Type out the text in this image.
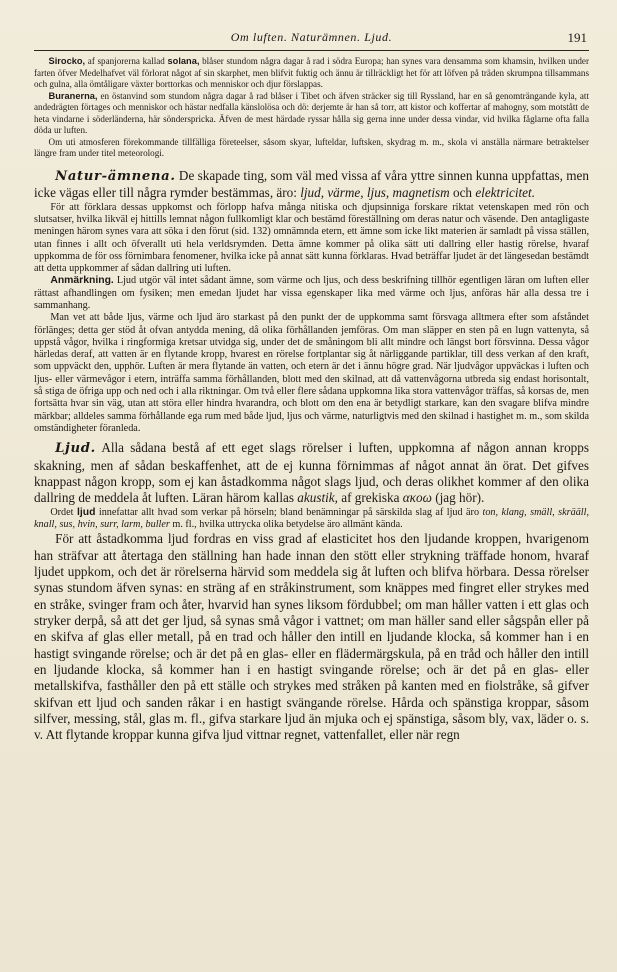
Om luften. Naturämnen. Ljud.	191

Sirocko, af spanjorerna kallad solana, blåser stundom några dagar å rad i södra Europa; han synes vara densamma som khamsin, hvilken under farten öfver Medelhafvet väl förlorat något af sin skarphet, men blifvit fuktig och ännu är tillräckligt het för att löfven på träden skrumpna tillsammans och gulna, alla ömtåligare växter borttorkas och menniskor och djur förslappas.

Buranerna, en östanvind som stundom några dagar å rad blåser i Tibet och äfven sträcker sig till Ryssland, har en så genomträngande kyla, att andedrägten förtages och menniskor och hästar nedfalla känslolösa och dö: derjemte är han så torr, att kistor och koffertar af mahogny, som motstått de heta vindarne i söderländerna, här sönderspricka. Äfven de mest härdade ryssar hålla sig gerna inne under dessa vindar, vid hvilka fåglarne ofta falla döda ur luften.

Om uti atmosferen förekommande tillfälliga företeelser, såsom skyar, lufteldar, luftsken, skydrag m. m., skola vi anställa närmare betraktelser längre fram under titel meteorologi.

Natur-ämnena. De skapade ting, som väl med vissa af våra yttre sinnen kunna uppfattas, men icke vägas eller till några rymder bestämmas, äro: ljud, värme, ljus, magnetism och elektricitet.

För att förklara dessas uppkomst och förlopp hafva många nitiska och djupsinniga forskare riktat vetenskapen med rön och slutsatser, hvilka likväl ej hittills lemnat någon fullkomligt klar och bestämd föreställning om deras natur och väsende. Den antagligaste meningen härom synes vara att söka i den förut (sid. 132) omnämnda etern, ett ämne som icke likt materien är samladt på vissa ställen, utan finnes i allt och öfverallt uti hela verldsrymden. Detta ämne kommer på olika sätt uti dallring eller hastig rörelse, hvaraf uppkomma de för oss förnimbara fenomener, hvilka icke på annat sätt kunna förklaras. Hvad beträffar ljudet är det längesedan bestämdt att detta uppkommer af sådan dallring uti luften.

Anmärkning. Ljud utgör väl intet sådant ämne, som värme och ljus, och dess beskrifning tillhör egentligen läran om luften eller rättast afhandlingen om fysiken; men emedan ljudet har vissa egenskaper lika med värme och ljus, anföras här alla dessa tre i sammanhang.

Man vet att både ljus, värme och ljud äro starkast på den punkt der de uppkomma samt försvaga alltmera efter som afståndet förlänges; detta ger stöd åt ofvan antydda mening, då olika förhållanden jemföras. Om man släpper en sten på en lugn vattenyta, så uppstå vågor, hvilka i ringformiga kretsar utvidga sig, under det de småningom bli allt mindre och längst bort försvinna. Dessa vågor härledas deraf, att vatten är en flytande kropp, hvarest en rörelse fortplantar sig åt närliggande partiklar, till dess verkan af den kraft, som uppväckt den, upphör. Luften är mera flytande än vatten, och etern är det i ännu högre grad. När ljudvågor uppväckas i luften och ljus- eller värmevågor i etern, inträffa samma förhållanden, blott med den skilnad, att då vattenvågorna utbreda sig endast horisontalt, så stiga de öfriga upp och ned och i alla riktningar. Om två eller flere sådana uppkomna lika stora vattenvågor träffas, så korsas de, men fortsätta hvar sin väg, utan att störa eller hindra hvarandra, och blott om den ena är betydligt starkare, kan den svagare blifva mindre märkbar; alldeles samma förhållande ega rum med både ljud, ljus och värme, naturligtvis med den skilnad i hastighet m. m., som skilda omständigheter föranleda.

Ljud. Alla sådana bestå af ett eget slags rörelser i luften, uppkomna af någon annan kropps skakning, men af sådan beskaffenhet, att de ej kunna förnimmas af något annat än örat. Det gifves knappast någon kropp, som ej kan åstadkomma något slags ljud, och deras olikhet kommer af den olika dallring de meddela åt luften. Läran härom kallas akustik, af grekiska ακοω (jag hör).

Ordet ljud innefattar allt hvad som verkar på hörseln; bland benämningar på särskilda slag af ljud äro ton, klang, smäll, skrääll, knall, sus, hvin, surr, larm, buller m. fl., hvilka uttrycka olika betydelse äro allmänt kända.

För att åstadkomma ljud fordras en viss grad af elasticitet hos den ljudande kroppen, hvarigenom han sträfvar att återtaga den ställning han hade innan den stött eller strykning träffade honom, hvaraf ljudet uppkom, och det är rörelserna härvid som meddela sig åt luften och blifva hörbara. Dessa rörelser synas stundom äfven synas: en sträng af en stråkinstrument, som knäppes med fingret eller strykes med en stråke, svinger fram och åter, hvarvid han synes liksom fördubbel; om man håller vatten i ett glas och stryker derpå, så att det ger ljud, så synas små vågor i vattnet; om man häller sand eller sågspån eller på en skifva af glas eller metall, på en trad och håller den intill en ljudande klocka, så kommer han i en hastigt svingande rörelse; och är det på en glas- eller en flädermärgskula, på en tråd och håller den intill en ljudande klocka, så kommer han i en hastigt svingande rörelse; och är det på en glas- eller metallskifva, fasthåller den på ett ställe och strykes med stråken på kanten med en fiolstråke, så gifver skifvan ett ljud och sanden råkar i en hastigt svängande rörelse. Hårda och spänstiga kroppar, såsom silfver, messing, stål, glas m. fl., gifva starkare ljud än mjuka och ej spänstiga, såsom bly, vax, läder o. s. v. Att flytande kroppar kunna gifva ljud vittnar regnet, vattenfallet, eller när regn
